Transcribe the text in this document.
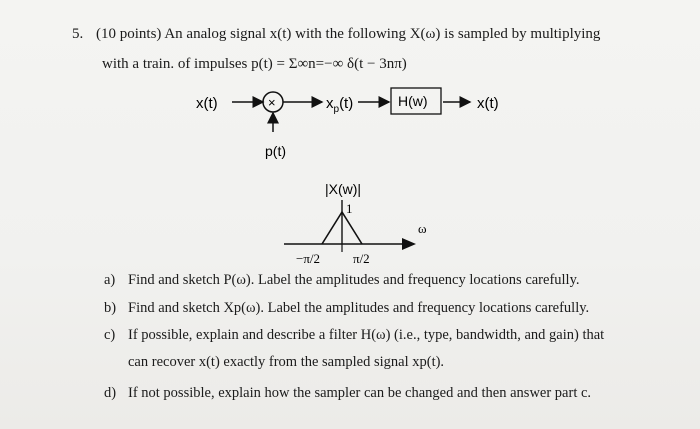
5. (10 points) An analog signal x(t) with the following X(ω) is sampled by multiplying
with a train. of impulses p(t) = Σ∞n=−∞ δ(t − 3nπ)
x(t)	×
p(t)
$x_p(t)$	H(w)	x(t)
|X(w)|
1
ω
−π/2	π/2
a) Find and sketch P(ω). Label the amplitudes and frequency locations carefully.
b) Find and sketch Xp(ω). Label the amplitudes and frequency locations carefully.
c) If possible, explain and describe a filter H(ω) (i.e., type, bandwidth, and gain) that
can recover x(t) exactly from the sampled signal xp(t).
d) If not possible, explain how the sampler can be changed and then answer part c.
